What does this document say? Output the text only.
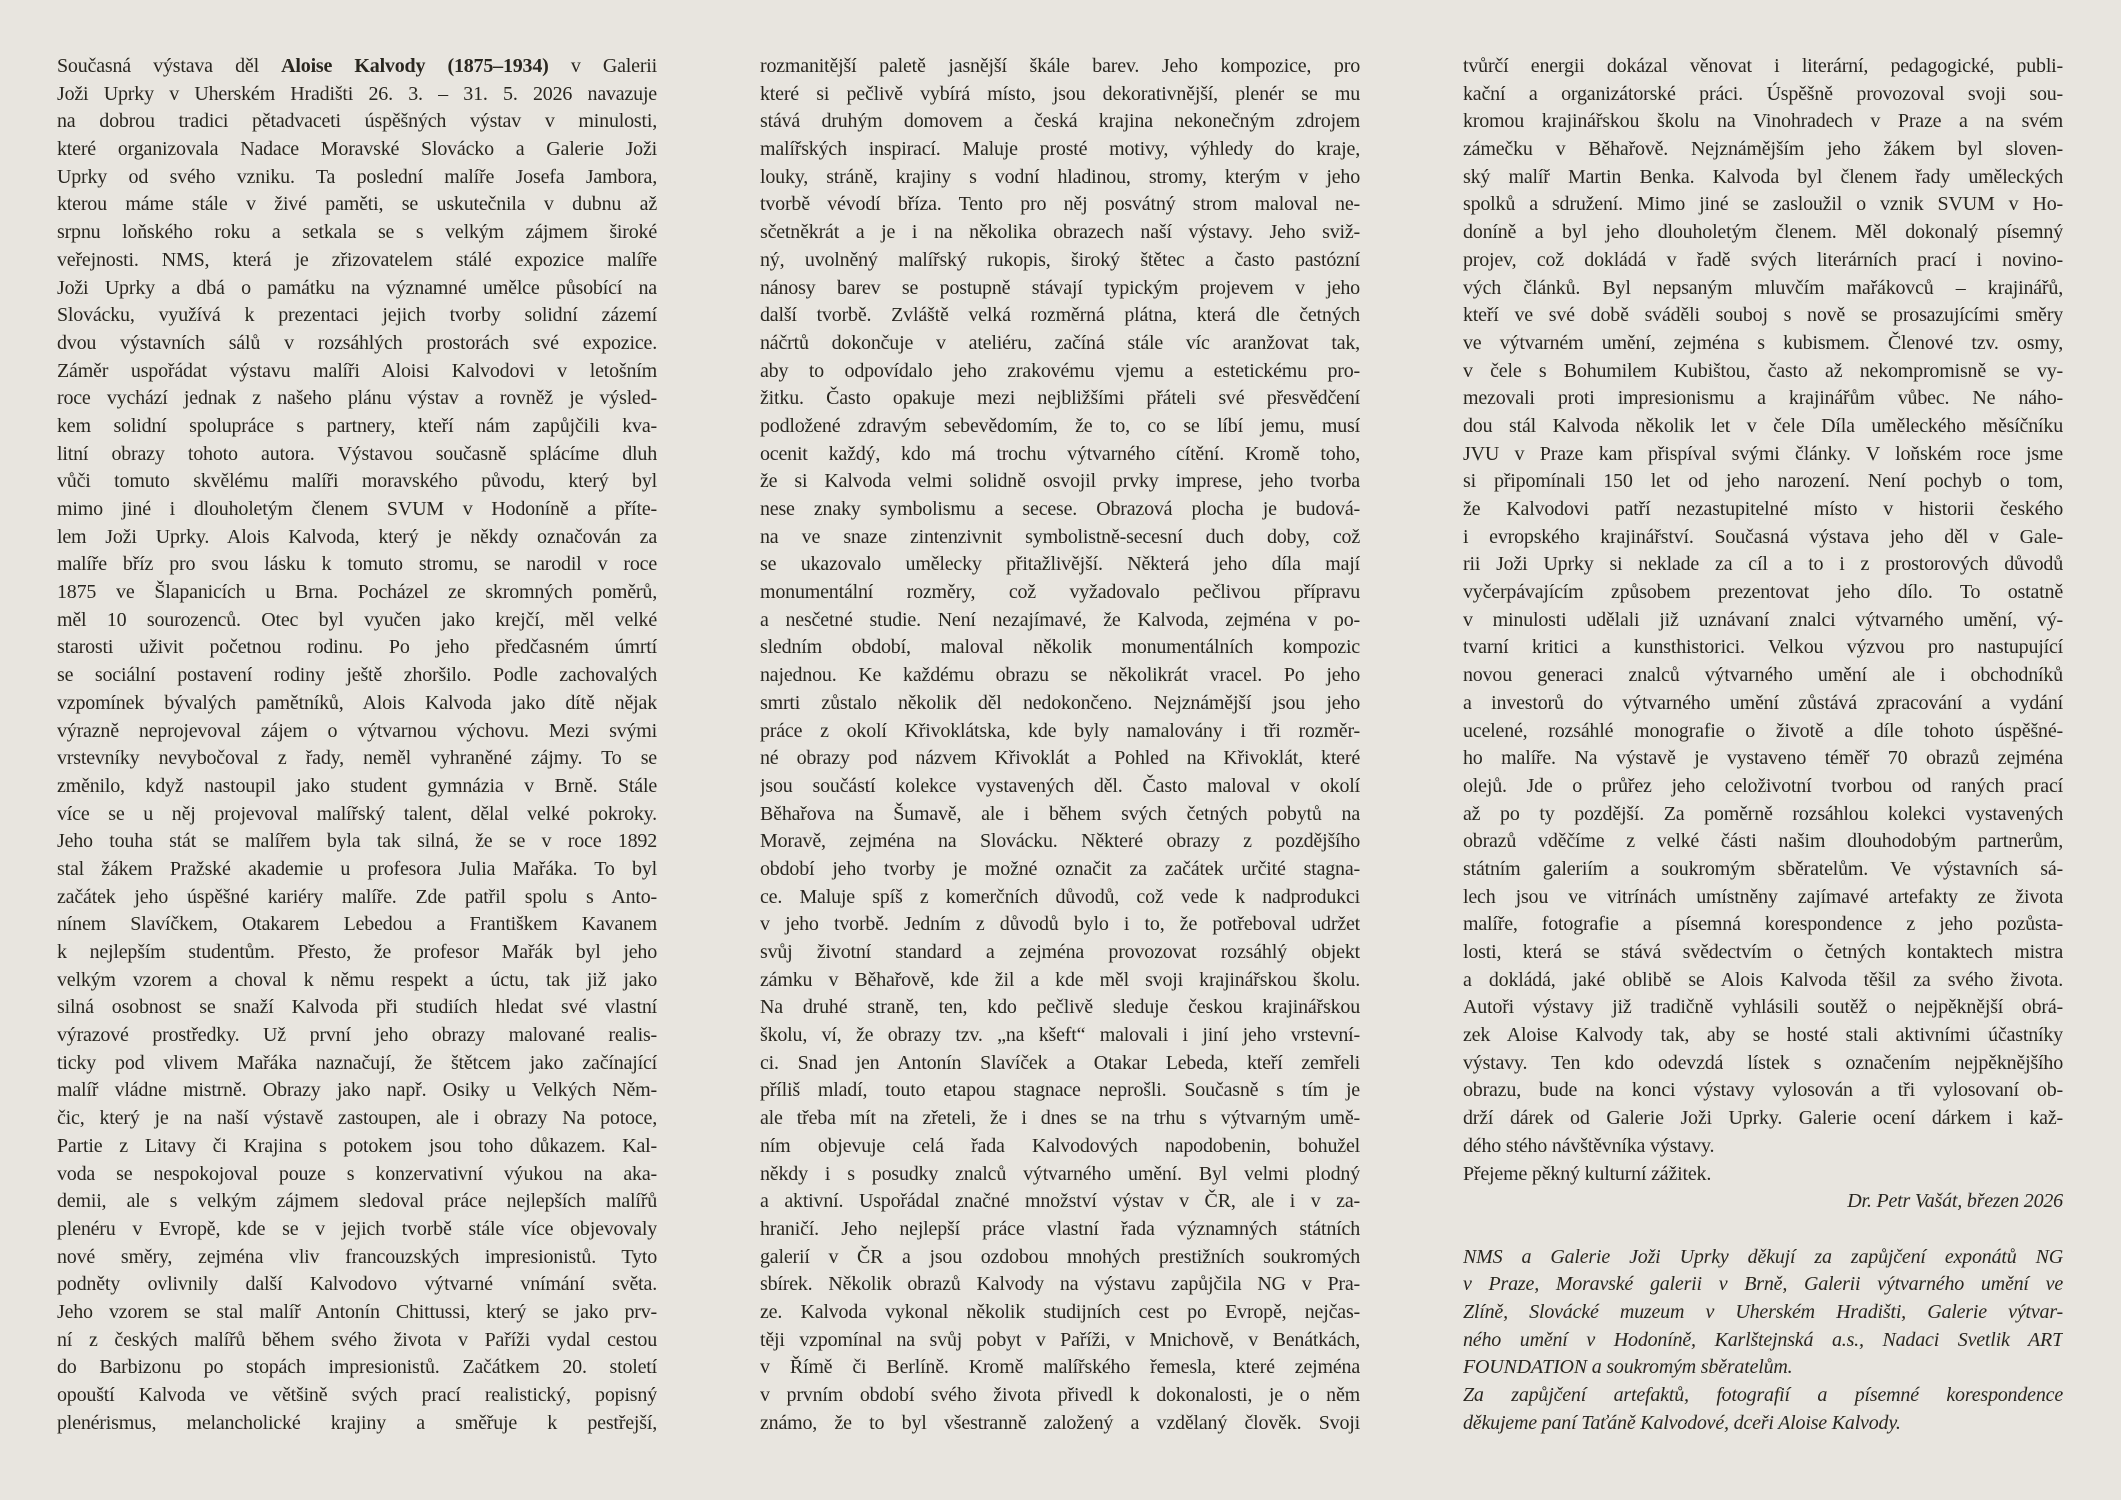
Současná výstava děl Aloise Kalvody (1875–1934) v Galerii
Joži Uprky v Uherském Hradišti 26. 3. – 31. 5. 2026 navazuje
na dobrou tradici pětadvaceti úspěšných výstav v minulosti,
které organizovala Nadace Moravské Slovácko a Galerie Joži
Uprky od svého vzniku. Ta poslední malíře Josefa Jambora,
kterou máme stále v živé paměti, se uskutečnila v dubnu až
srpnu loňského roku a setkala se s velkým zájmem široké
veřejnosti. NMS, která je zřizovatelem stálé expozice malíře
Joži Uprky a dbá o památku na významné umělce působící na
Slovácku, využívá k prezentaci jejich tvorby solidní zázemí
dvou výstavních sálů v rozsáhlých prostorách své expozice.
Záměr uspořádat výstavu malíři Aloisi Kalvodovi v letošním
roce vychází jednak z našeho plánu výstav a rovněž je výsled-
kem solidní spolupráce s partnery, kteří nám zapůjčili kva-
litní obrazy tohoto autora. Výstavou současně splácíme dluh
vůči tomuto skvělému malíři moravského původu, který byl
mimo jiné i dlouholetým členem SVUM v Hodoníně a příte-
lem Joži Uprky. Alois Kalvoda, který je někdy označován za
malíře bříz pro svou lásku k tomuto stromu, se narodil v roce
1875 ve Šlapanicích u Brna. Pocházel ze skromných poměrů,
měl 10 sourozenců. Otec byl vyučen jako krejčí, měl velké
starosti uživit početnou rodinu. Po jeho předčasném úmrtí
se sociální postavení rodiny ještě zhoršilo. Podle zachovalých
vzpomínek bývalých pamětníků, Alois Kalvoda jako dítě nějak
výrazně neprojevoval zájem o výtvarnou výchovu. Mezi svými
vrstevníky nevybočoval z řady, neměl vyhraněné zájmy. To se
změnilo, když nastoupil jako student gymnázia v Brně. Stále
více se u něj projevoval malířský talent, dělal velké pokroky.
Jeho touha stát se malířem byla tak silná, že se v roce 1892
stal žákem Pražské akademie u profesora Julia Mařáka. To byl
začátek jeho úspěšné kariéry malíře. Zde patřil spolu s Anto-
nínem Slavíčkem, Otakarem Lebedou a Františkem Kavanem
k nejlepším studentům. Přesto, že profesor Mařák byl jeho
velkým vzorem a choval k němu respekt a úctu, tak již jako
silná osobnost se snaží Kalvoda při studiích hledat své vlastní
výrazové prostředky. Už první jeho obrazy malované realis-
ticky pod vlivem Mařáka naznačují, že štětcem jako začínající
malíř vládne mistrně. Obrazy jako např. Osiky u Velkých Něm-
čic, který je na naší výstavě zastoupen, ale i obrazy Na potoce,
Partie z Litavy či Krajina s potokem jsou toho důkazem. Kal-
voda se nespokojoval pouze s konzervativní výukou na aka-
demii, ale s velkým zájmem sledoval práce nejlepších malířů
plenéru v Evropě, kde se v jejich tvorbě stále více objevovaly
nové směry, zejména vliv francouzských impresionistů. Tyto
podněty ovlivnily další Kalvodovo výtvarné vnímání světa.
Jeho vzorem se stal malíř Antonín Chittussi, který se jako prv-
ní z českých malířů během svého života v Paříži vydal cestou
do Barbizonu po stopách impresionistů. Začátkem 20. století
opouští Kalvoda ve většině svých prací realistický, popisný
plenérismus, melancholické krajiny a směřuje k pestřejší,
rozmanitější paletě jasnější škále barev. Jeho kompozice, pro
které si pečlivě vybírá místo, jsou dekorativnější, plenér se mu
stává druhým domovem a česká krajina nekonečným zdrojem
malířských inspirací. Maluje prosté motivy, výhledy do kraje,
louky, stráně, krajiny s vodní hladinou, stromy, kterým v jeho
tvorbě vévodí bříza. Tento pro něj posvátný strom maloval ne-
sčetněkrát a je i na několika obrazech naší výstavy. Jeho sviž-
ný, uvolněný malířský rukopis, široký štětec a často pastózní
nánosy barev se postupně stávají typickým projevem v jeho
další tvorbě. Zvláště velká rozměrná plátna, která dle četných
náčrtů dokončuje v ateliéru, začíná stále víc aranžovat tak,
aby to odpovídalo jeho zrakovému vjemu a estetickému pro-
žitku. Často opakuje mezi nejbližšími přáteli své přesvědčení
podložené zdravým sebevědomím, že to, co se líbí jemu, musí
ocenit každý, kdo má trochu výtvarného cítění. Kromě toho,
že si Kalvoda velmi solidně osvojil prvky imprese, jeho tvorba
nese znaky symbolismu a secese. Obrazová plocha je budová-
na ve snaze zintenzivnit symbolistně-secesní duch doby, což
se ukazovalo umělecky přitažlivější. Některá jeho díla mají
monumentální rozměry, což vyžadovalo pečlivou přípravu
a nesčetné studie. Není nezajímavé, že Kalvoda, zejména v po-
sledním období, maloval několik monumentálních kompozic
najednou. Ke každému obrazu se několikrát vracel. Po jeho
smrti zůstalo několik děl nedokončeno. Nejznámější jsou jeho
práce z okolí Křivoklátska, kde byly namalovány i tři rozměr-
né obrazy pod názvem Křivoklát a Pohled na Křivoklát, které
jsou součástí kolekce vystavených děl. Často maloval v okolí
Běhařova na Šumavě, ale i během svých četných pobytů na
Moravě, zejména na Slovácku. Některé obrazy z pozdějšího
období jeho tvorby je možné označit za začátek určité stagna-
ce. Maluje spíš z komerčních důvodů, což vede k nadprodukci
v jeho tvorbě. Jedním z důvodů bylo i to, že potřeboval udržet
svůj životní standard a zejména provozovat rozsáhlý objekt
zámku v Běhařově, kde žil a kde měl svoji krajinářskou školu.
Na druhé straně, ten, kdo pečlivě sleduje českou krajinářskou
školu, ví, že obrazy tzv. „na kšeft“ malovali i jiní jeho vrstevní-
ci. Snad jen Antonín Slavíček a Otakar Lebeda, kteří zemřeli
příliš mladí, touto etapou stagnace neprošli. Současně s tím je
ale třeba mít na zřeteli, že i dnes se na trhu s výtvarným umě-
ním objevuje celá řada Kalvodových napodobenin, bohužel
někdy i s posudky znalců výtvarného umění. Byl velmi plodný
a aktivní. Uspořádal značné množství výstav v ČR, ale i v za-
hraničí. Jeho nejlepší práce vlastní řada významných státních
galerií v ČR a jsou ozdobou mnohých prestižních soukromých
sbírek. Několik obrazů Kalvody na výstavu zapůjčila NG v Pra-
ze. Kalvoda vykonal několik studijních cest po Evropě, nejčas-
těji vzpomínal na svůj pobyt v Paříži, v Mnichově, v Benátkách,
v Římě či Berlíně. Kromě malířského řemesla, které zejména
v prvním období svého života přivedl k dokonalosti, je o něm
známo, že to byl všestranně založený a vzdělaný člověk. Svoji
tvůrčí energii dokázal věnovat i literární, pedagogické, publi-
kační a organizátorské práci. Úspěšně provozoval svoji sou-
kromou krajinářskou školu na Vinohradech v Praze a na svém
zámečku v Běhařově. Nejznámějším jeho žákem byl sloven-
ský malíř Martin Benka. Kalvoda byl členem řady uměleckých
spolků a sdružení. Mimo jiné se zasloužil o vznik SVUM v Ho-
doníně a byl jeho dlouholetým členem. Měl dokonalý písemný
projev, což dokládá v řadě svých literárních prací i novino-
vých článků. Byl nepsaným mluvčím mařákovců – krajinářů,
kteří ve své době sváděli souboj s nově se prosazujícími směry
ve výtvarném umění, zejména s kubismem. Členové tzv. osmy,
v čele s Bohumilem Kubištou, často až nekompromisně se vy-
mezovali proti impresionismu a krajinářům vůbec. Ne náho-
dou stál Kalvoda několik let v čele Díla uměleckého měsíčníku
JVU v Praze kam přispíval svými články. V loňském roce jsme
si připomínali 150 let od jeho narození. Není pochyb o tom,
že Kalvodovi patří nezastupitelné místo v historii českého
i evropského krajinářství. Současná výstava jeho děl v Gale-
rii Joži Uprky si neklade za cíl a to i z prostorových důvodů
vyčerpávajícím způsobem prezentovat jeho dílo. To ostatně
v minulosti udělali již uznávaní znalci výtvarného umění, vý-
tvarní kritici a kunsthistorici. Velkou výzvou pro nastupující
novou generaci znalců výtvarného umění ale i obchodníků
a investorů do výtvarného umění zůstává zpracování a vydání
ucelené, rozsáhlé monografie o životě a díle tohoto úspěšné-
ho malíře. Na výstavě je vystaveno téměř 70 obrazů zejména
olejů. Jde o průřez jeho celoživotní tvorbou od raných prací
až po ty pozdější. Za poměrně rozsáhlou kolekci vystavených
obrazů vděčíme z velké části našim dlouhodobým partnerům,
státním galeriím a soukromým sběratelům. Ve výstavních sá-
lech jsou ve vitrínách umístněny zajímavé artefakty ze života
malíře, fotografie a písemná korespondence z jeho pozůsta-
losti, která se stává svědectvím o četných kontaktech mistra
a dokládá, jaké oblibě se Alois Kalvoda těšil za svého života.
Autoři výstavy již tradičně vyhlásili soutěž o nejpěknější obrá-
zek Aloise Kalvody tak, aby se hosté stali aktivními účastníky
výstavy. Ten kdo odevzdá lístek s označením nejpěknějšího
obrazu, bude na konci výstavy vylosován a tři vylosovaní ob-
drží dárek od Galerie Joži Uprky. Galerie ocení dárkem i kaž-
dého stého návštěvníka výstavy.
Přejeme pěkný kulturní zážitek.
Dr. Petr Vašát, březen 2026
NMS a Galerie Joži Uprky děkují za zapůjčení exponátů NG
v Praze, Moravské galerii v Brně, Galerii výtvarného umění ve
Zlíně, Slovácké muzeum v Uherském Hradišti, Galerie výtvar-
ného umění v Hodoníně, Karlštejnská a.s., Nadaci Svetlik ART
FOUNDATION a soukromým sběratelům.
Za zapůjčení artefaktů, fotografií a písemné korespondence
děkujeme paní Taťáně Kalvodové, dceři Aloise Kalvody.
